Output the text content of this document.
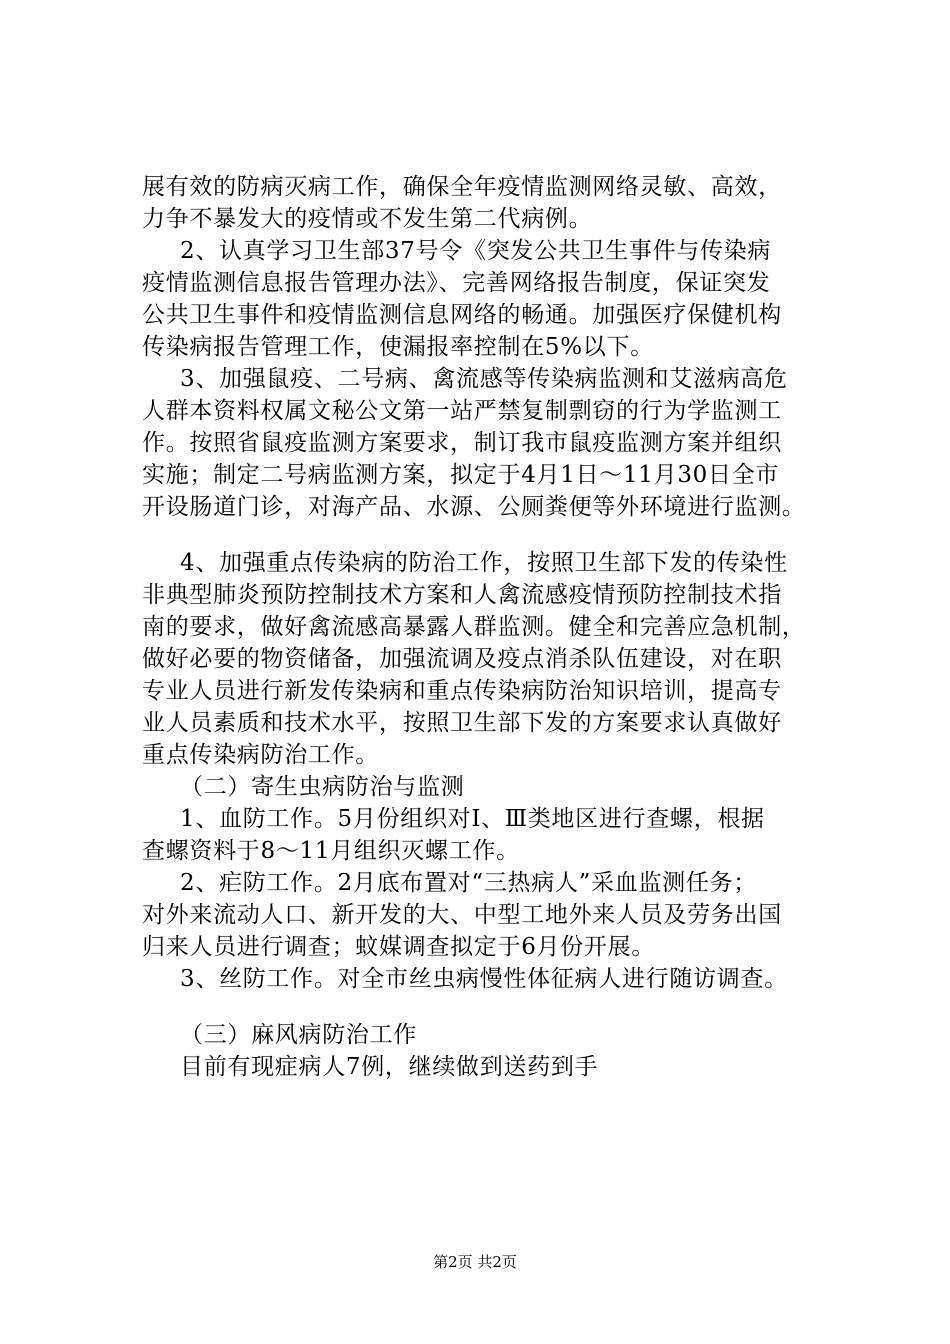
展有效的防病灭病工作，确保全年疫情监测网络灵敏、高效，
力争不暴发大的疫情或不发生第二代病例。
2、认真学习卫生部37号令《突发公共卫生事件与传染病
疫情监测信息报告管理办法》、完善网络报告制度，保证突发
公共卫生事件和疫情监测信息网络的畅通。加强医疗保健机构
传染病报告管理工作，使漏报率控制在5%以下。
3、加强鼠疫、二号病、禽流感等传染病监测和艾滋病高危
人群本资料权属文秘公文第一站严禁复制剽窃的行为学监测工
作。按照省鼠疫监测方案要求，制订我市鼠疫监测方案并组织
实施；制定二号病监测方案，拟定于4月1日～11月30日全市
开设肠道门诊，对海产品、水源、公厕粪便等外环境进行监测。
4、加强重点传染病的防治工作，按照卫生部下发的传染性
非典型肺炎预防控制技术方案和人禽流感疫情预防控制技术指
南的要求，做好禽流感高暴露人群监测。健全和完善应急机制，
做好必要的物资储备，加强流调及疫点消杀队伍建设，对在职
专业人员进行新发传染病和重点传染病防治知识培训，提高专
业人员素质和技术水平，按照卫生部下发的方案要求认真做好
重点传染病防治工作。
（二）寄生虫病防治与监测
1、血防工作。5月份组织对Ⅰ、Ⅲ类地区进行查螺，根据
查螺资料于8～11月组织灭螺工作。
2、疟防工作。2月底布置对“三热病人”采血监测任务；
对外来流动人口、新开发的大、中型工地外来人员及劳务出国
归来人员进行调查；蚊媒调查拟定于6月份开展。
3、丝防工作。对全市丝虫病慢性体征病人进行随访调查。
（三）麻风病防治工作
目前有现症病人7例，继续做到送药到手
第2页 共2页
